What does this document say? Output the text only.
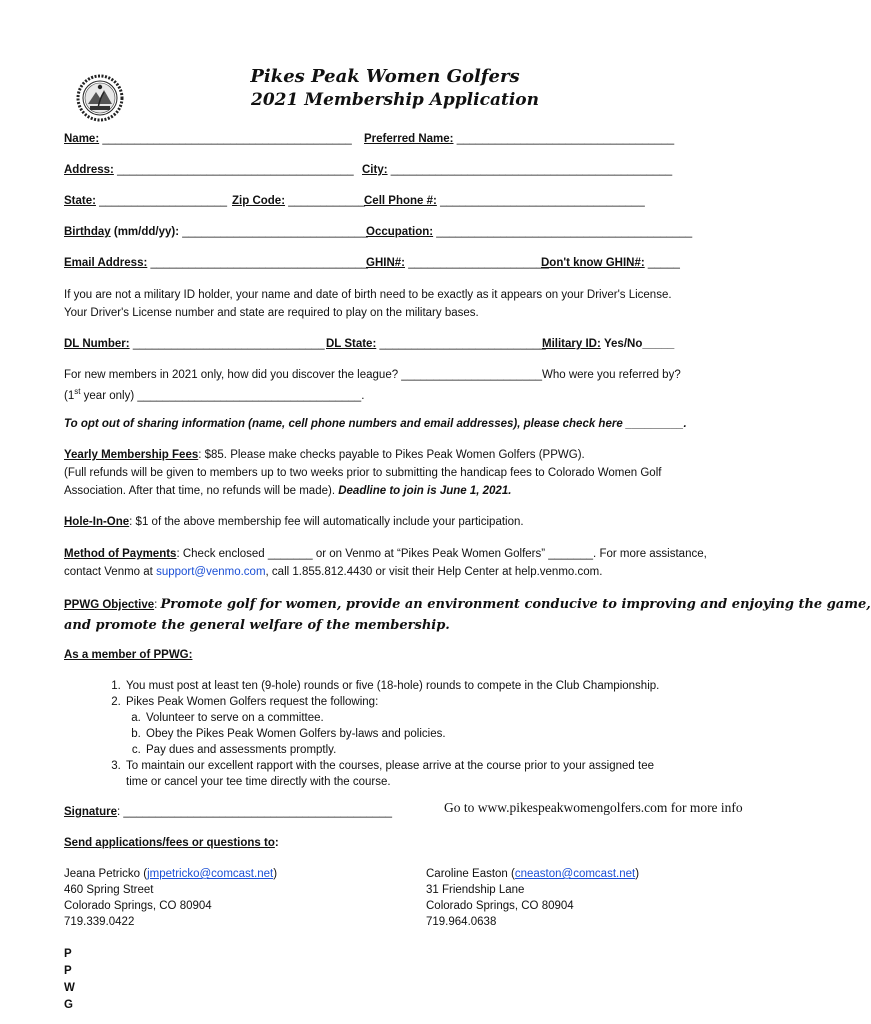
Pikes Peak Women Golfers
2021 Membership Application
Name: _______________________________________ Preferred Name: __________________________________
Address: _____________________________________ City: ____________________________________________
State: ____________________ Zip Code: ____________ Cell Phone #: ________________________________
Birthday (mm/dd/yy): _____________________________
Occupation: ________________________________________
Email Address: __________________________________
GHIN#: ______________________
Don't know GHIN#: _____
If you are not a military ID holder, your name and date of birth need to be exactly as it appears on your Driver's License.
Your Driver's License number and state are required to play on the military bases.
DL Number: ______________________________ DL State: __________________________
Military ID: Yes/No_____
For new members in 2021 only, how did you discover the league? ______________________Who were you referred by?
(1st year only) ___________________________________.
To opt out of sharing information (name, cell phone numbers and email addresses), please check here _________.
Yearly Membership Fees: $85. Please make checks payable to Pikes Peak Women Golfers (PPWG).
(Full refunds will be given to members up to two weeks prior to submitting the handicap fees to Colorado Women Golf
Association. After that time, no refunds will be made). Deadline to join is June 1, 2021.
Hole-In-One: $1 of the above membership fee will automatically include your participation.
Method of Payments: Check enclosed _______ or on Venmo at “Pikes Peak Women Golfers” _______. For more assistance,
contact Venmo at support@venmo.com, call 1.855.812.4430 or visit their Help Center at help.venmo.com.
PPWG Objective: Promote golf for women, provide an environment conducive to improving and enjoying the game,
and promote the general welfare of the membership.
As a member of PPWG:
1. You must post at least ten (9-hole) rounds or five (18-hole) rounds to compete in the Club Championship.
2. Pikes Peak Women Golfers request the following:
a. Volunteer to serve on a committee.
b. Obey the Pikes Peak Women Golfers by-laws and policies.
c. Pay dues and assessments promptly.
3. To maintain our excellent rapport with the courses, please arrive at the course prior to your assigned tee time or cancel your tee time directly with the course.
Signature: __________________________________________	Go to www.pikespeakwomengolfers.com for more info
Send applications/fees or questions to:
Jeana Petricko (jmpetricko@comcast.net)
460 Spring Street
Colorado Springs, CO 80904
719.339.0422
Caroline Easton (cneaston@comcast.net)
31 Friendship Lane
Colorado Springs, CO 80904
719.964.0638
P
P
W
G
